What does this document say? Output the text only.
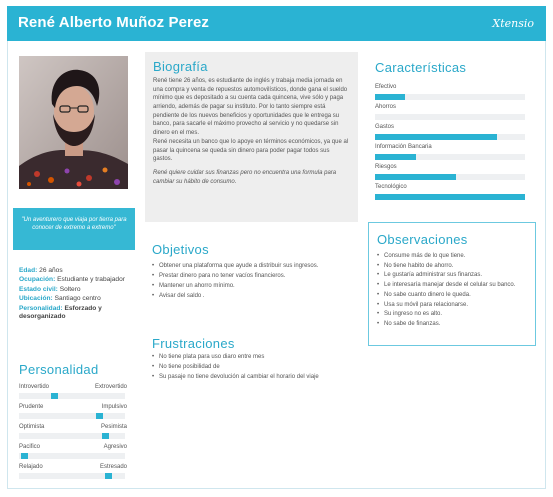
René Alberto Muñoz Perez	Xtensio
"Un aventurero que viaja por tierra para conocer de extremo a extremo"
Edad: 26 años
Ocupación: Estudiante y trabajador
Estado civil: Soltero
Ubicación: Santiago centro
Personalidad: Esforzado y desorganizado
Personalidad
Introvertido	Extrovertido
Prudente	Impulsivo
Optimista	Pesimista
Pacifico	Agresivo
Relajado	Estresado
Biografía

René tiene 26 años, es estudiante de inglés y trabaja media jornada en una compra y venta de repuestos automovilísticos, donde gana el sueldo mínimo que es depositado a su cuenta cada quincena, vive sólo y paga arriendo, además de pagar su instituto. Por lo tanto siempre está pendiente de los nuevos beneficios y oportunidades que le entrega su banco, para sacarle el máximo provecho al servicio y no quedarse sin dinero en el mes.

René necesita un banco que lo apoye en términos económicos, ya que al pasar la quincena se queda sin dinero para poder pagar todos sus gastos.

René quiere cuidar sus finanzas pero no encuentra una formula para cambiar su hábito de consumo.

Objetivos
• Obtener una plataforma que ayude a distribuir sus ingresos.
• Prestar dinero para no tener vacíos financieros.
• Mantener un ahorro mínimo.
• Avisar del saldo .
Frustraciones
• No tiene plata para uso diaro entre mes
• No tiene posibilidad de
• Su pasaje no tiene devolución al cambiar el horario del viaje
Características
Efectivo
Ahorros
Gastos
Información Bancaria
Riesgos
Tecnológico
Observaciones
• Consume más de lo que tiene.
• No tiene habito de ahorro.
• Le gustaría administrar sus finanzas.
• Le interesaría manejar desde el celular su banco.
• No sabe cuanto dinero le queda.
• Usa su móvil para relacionarse.
• Su ingreso no es alto.
• No sabe de finanzas.
